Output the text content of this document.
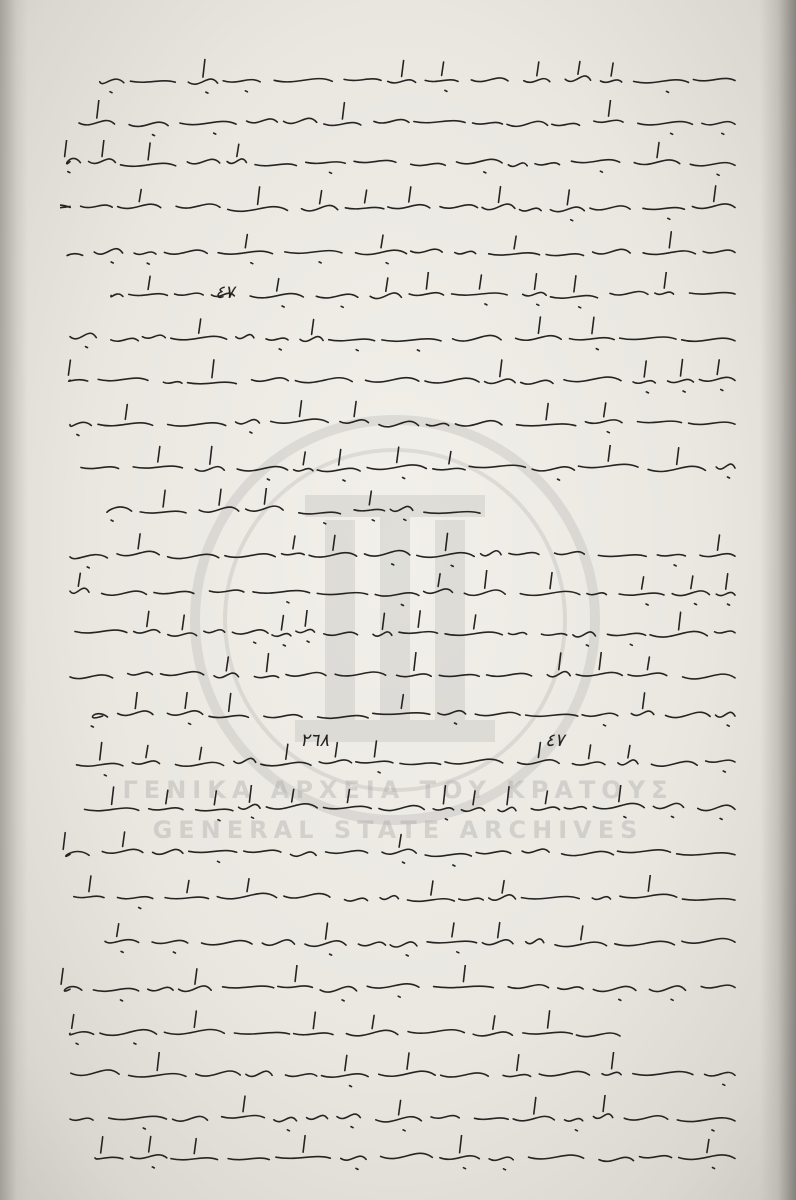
ΓΕΝΙΚΑ ΑΡΧΕΙΑ ΤΟΥ ΚΡΑΤΟΥΣ
GENERAL STATE ARCHIVES
٤٧
٢٦٨	٤٧
